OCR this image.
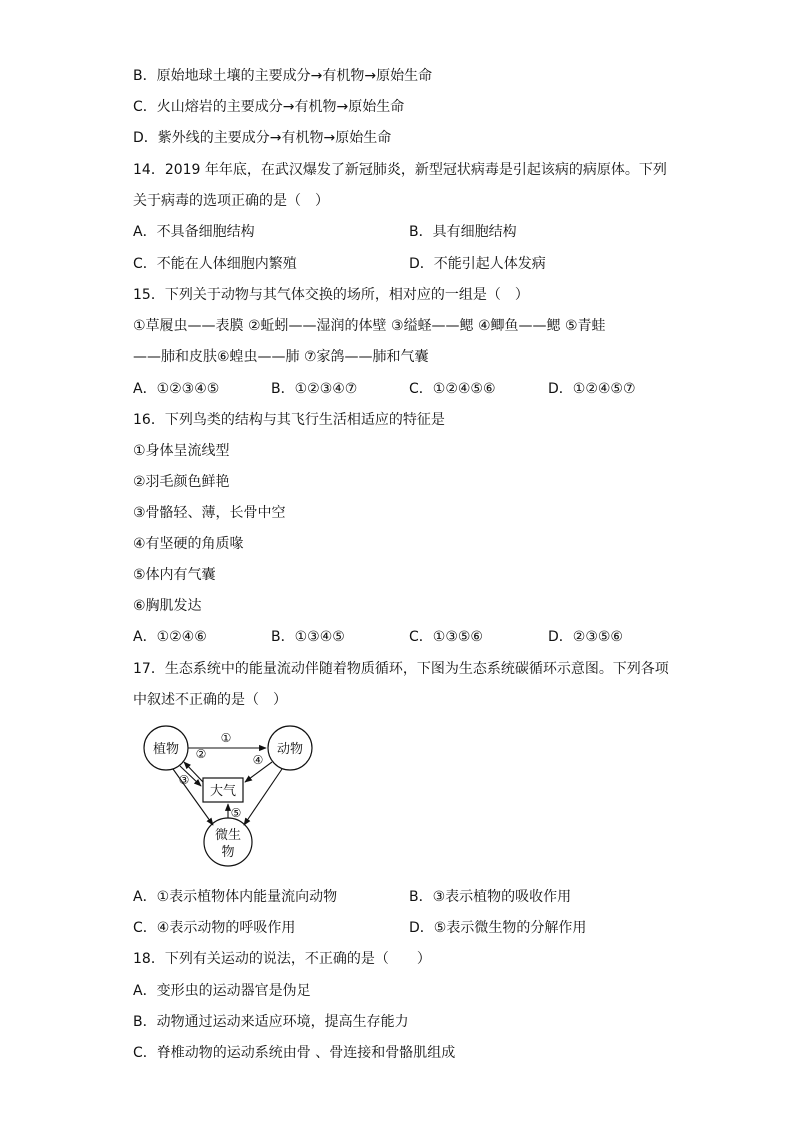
B．原始地球土壤的主要成分→有机物→原始生命
C．火山熔岩的主要成分→有机物→原始生命
D．紫外线的主要成分→有机物→原始生命
14．2019 年年底，在武汉爆发了新冠肺炎，新型冠状病毒是引起该病的病原体。下列
关于病毒的选项正确的是（　）
A．不具备细胞结构	B．具有细胞结构
C．不能在人体细胞内繁殖	D．不能引起人体发病
15．下列关于动物与其气体交换的场所，相对应的一组是（　）
①草履虫——表膜 ②蚯蚓——湿润的体壁 ③缢蛏——鳃 ④鲫鱼——鳃 ⑤青蛙
——肺和皮肤⑥蝗虫——肺 ⑦家鸽——肺和气囊
A．①②③④⑤	B．①②③④⑦	C．①②④⑤⑥	D．①②④⑤⑦
16．下列鸟类的结构与其飞行生活相适应的特征是
①身体呈流线型
②羽毛颜色鲜艳
③骨骼轻、薄，长骨中空
④有坚硬的角质喙
⑤体内有气囊
⑥胸肌发达
A．①②④⑥	B．①③④⑤	C．①③⑤⑥	D．②③⑤⑥
17．生态系统中的能量流动伴随着物质循环，下图为生态系统碳循环示意图。下列各项
中叙述不正确的是（　）
植物	动物
大气
微生
物
①
②
③
④
⑤
A．①表示植物体内能量流向动物	B．③表示植物的吸收作用
C．④表示动物的呼吸作用	D．⑤表示微生物的分解作用
18．下列有关运动的说法，不正确的是（　　）
A．变形虫的运动器官是伪足
B．动物通过运动来适应环境，提高生存能力
C．脊椎动物的运动系统由骨 、骨连接和骨骼肌组成
